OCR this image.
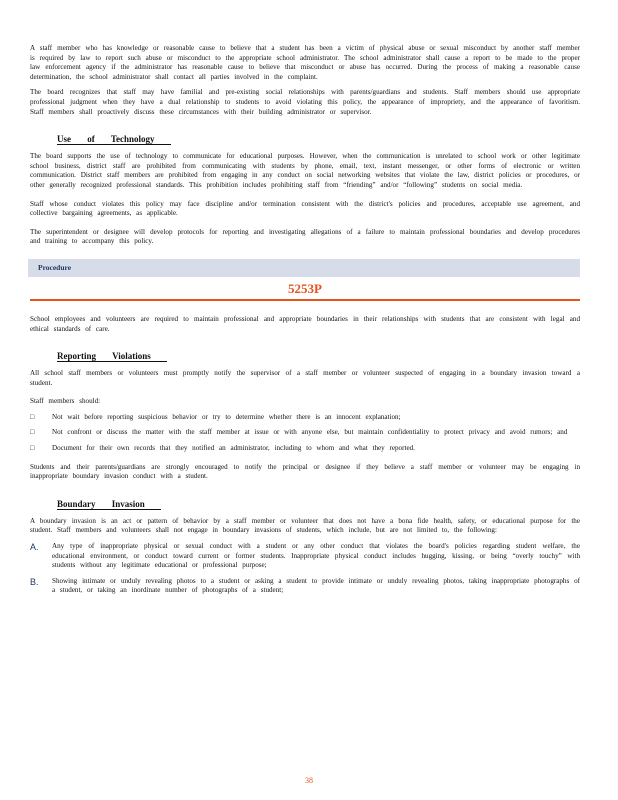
A staff member who has knowledge or reasonable cause to believe that a student has been a victim of physical abuse or sexual misconduct by another staff member is required by law to report such abuse or misconduct to the appropriate school administrator. The school administrator shall cause a report to be made to the proper law enforcement agency if the administrator has reasonable cause to believe that misconduct or abuse has occurred. During the process of making a reasonable cause determination, the school administrator shall contact all parties involved in the complaint.

The board recognizes that staff may have familial and pre-existing social relationships with parents/guardians and students. Staff members should use appropriate professional judgment when they have a dual relationship to students to avoid violating this policy, the appearance of impropriety, and the appearance of favoritism. Staff members shall proactively discuss these circumstances with their building administrator or supervisor.

Use of Technology

The board supports the use of technology to communicate for educational purposes. However, when the communication is unrelated to school work or other legitimate school business, district staff are prohibited from communicating with students by phone, email, text, instant messenger, or other forms of electronic or written communication. District staff members are prohibited from engaging in any conduct on social networking websites that violate the law, district policies or procedures, or other generally recognized professional standards. This prohibition includes prohibiting staff from “friending” and/or “following” students on social media.

Staff whose conduct violates this policy may face discipline and/or termination consistent with the district's policies and procedures, acceptable use agreement, and collective bargaining agreements, as applicable.

The superintendent or designee will develop protocols for reporting and investigating allegations of a failure to maintain professional boundaries and develop procedures and training to accompany this policy.

Procedure
5253P

School employees and volunteers are required to maintain professional and appropriate boundaries in their relationships with students that are consistent with legal and ethical standards of care.

Reporting Violations

All school staff members or volunteers must promptly notify the supervisor of a staff member or volunteer suspected of engaging in a boundary invasion toward a student.

Staff members should:

□	Not wait before reporting suspicious behavior or try to determine whether there is an innocent explanation;

□	Not confront or discuss the matter with the staff member at issue or with anyone else, but maintain confidentiality to protect privacy and avoid rumors; and

□	Document for their own records that they notified an administrator, including to whom and what they reported.

Students and their parents/guardians are strongly encouraged to notify the principal or designee if they believe a staff member or volunteer may be engaging in inappropriate boundary invasion conduct with a student.

Boundary Invasion

A boundary invasion is an act or pattern of behavior by a staff member or volunteer that does not have a bona fide health, safety, or educational purpose for the student. Staff members and volunteers shall not engage in boundary invasions of students, which include, but are not limited to, the following:

A.	Any type of inappropriate physical or sexual conduct with a student or any other conduct that violates the board's policies regarding student welfare, the educational environment, or conduct toward current or former students. Inappropriate physical conduct includes hugging, kissing, or being “overly touchy” with students without any legitimate educational or professional purpose;

B.	Showing intimate or unduly revealing photos to a student or asking a student to provide intimate or unduly revealing photos, taking inappropriate photographs of a student, or taking an inordinate number of photographs of a student;

38
